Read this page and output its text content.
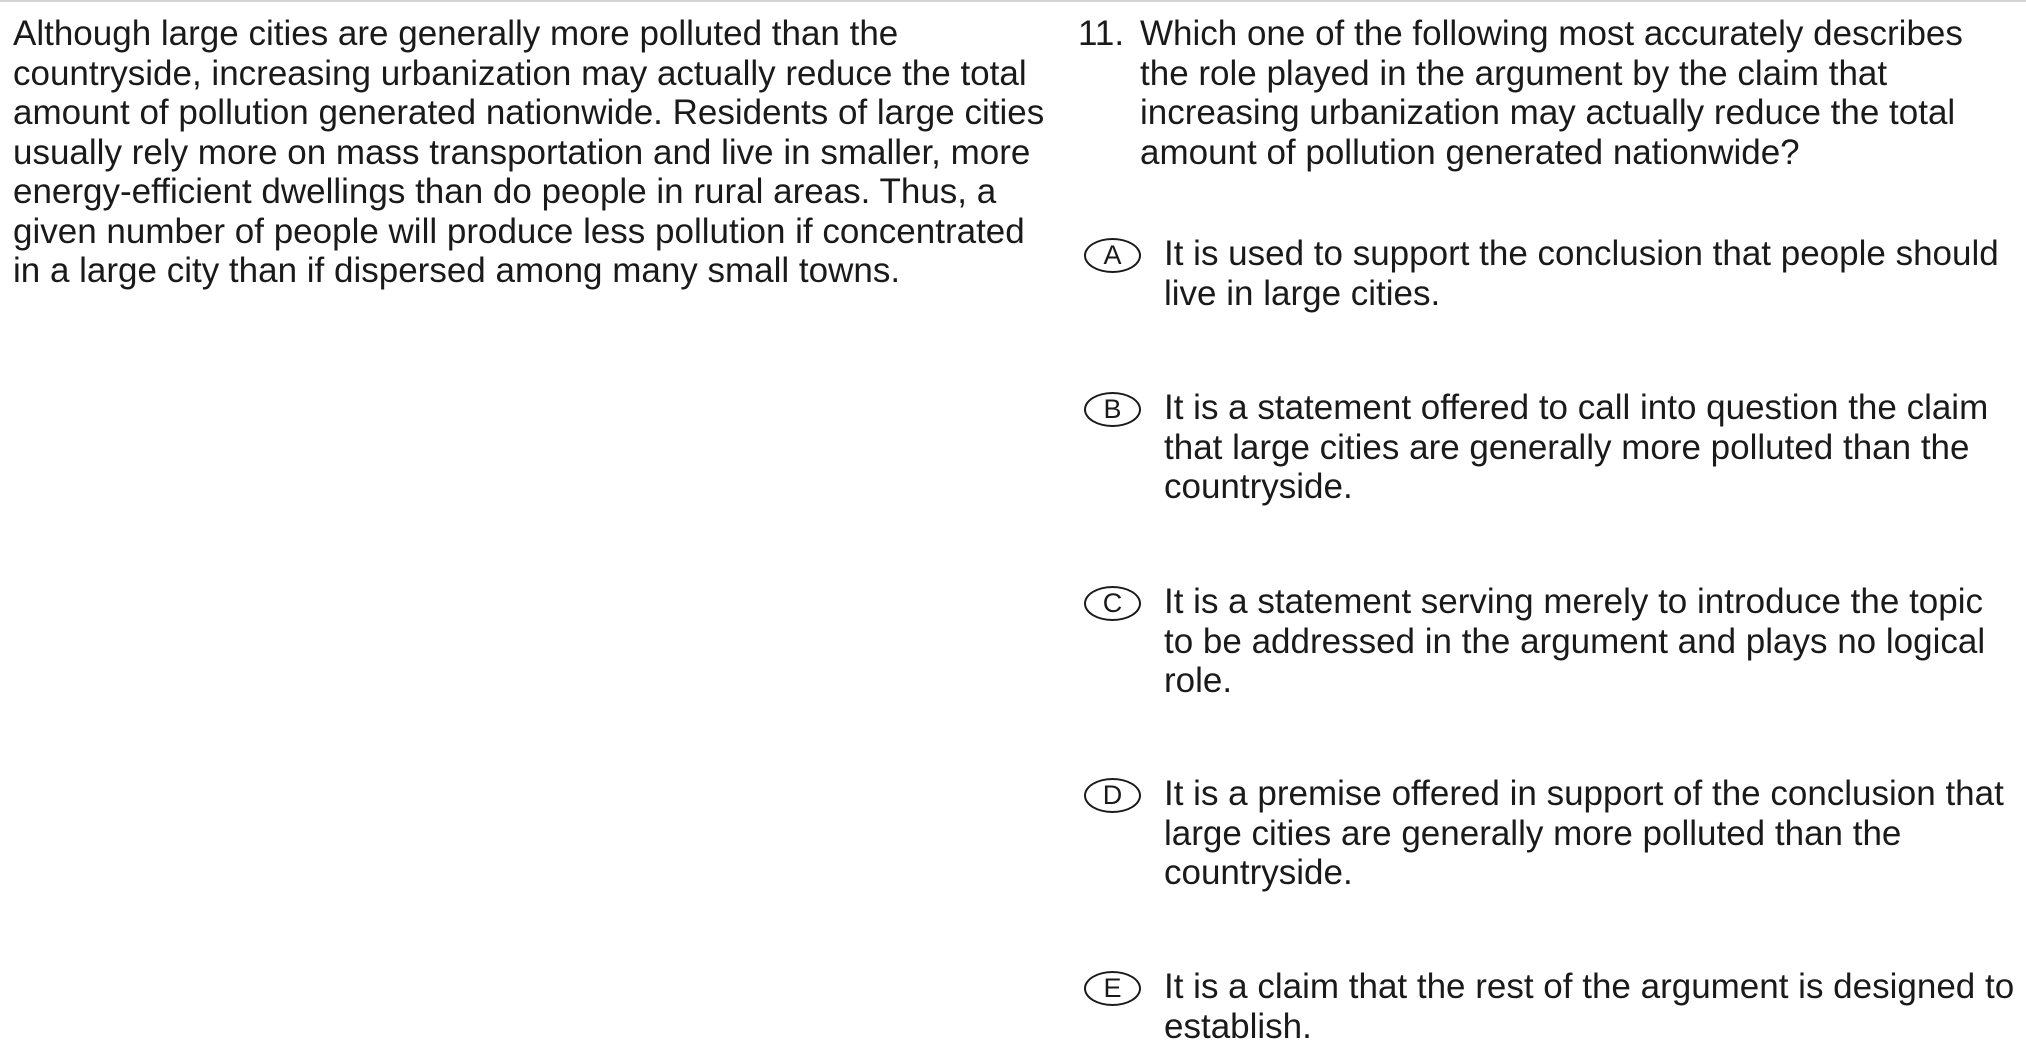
Although large cities are generally more polluted than the countryside, increasing urbanization may actually reduce the total amount of pollution generated nationwide. Residents of large cities usually rely more on mass transportation and live in smaller, more energy-efficient dwellings than do people in rural areas. Thus, a given number of people will produce less pollution if concentrated in a large city than if dispersed among many small towns.

11. Which one of the following most accurately describes the role played in the argument by the claim that increasing urbanization may actually reduce the total amount of pollution generated nationwide?
A	It is used to support the conclusion that people should live in large cities.
B	It is a statement offered to call into question the claim that large cities are generally more polluted than the countryside.
C	It is a statement serving merely to introduce the topic to be addressed in the argument and plays no logical role.
D	It is a premise offered in support of the conclusion that large cities are generally more polluted than the countryside.
E	It is a claim that the rest of the argument is designed to establish.
